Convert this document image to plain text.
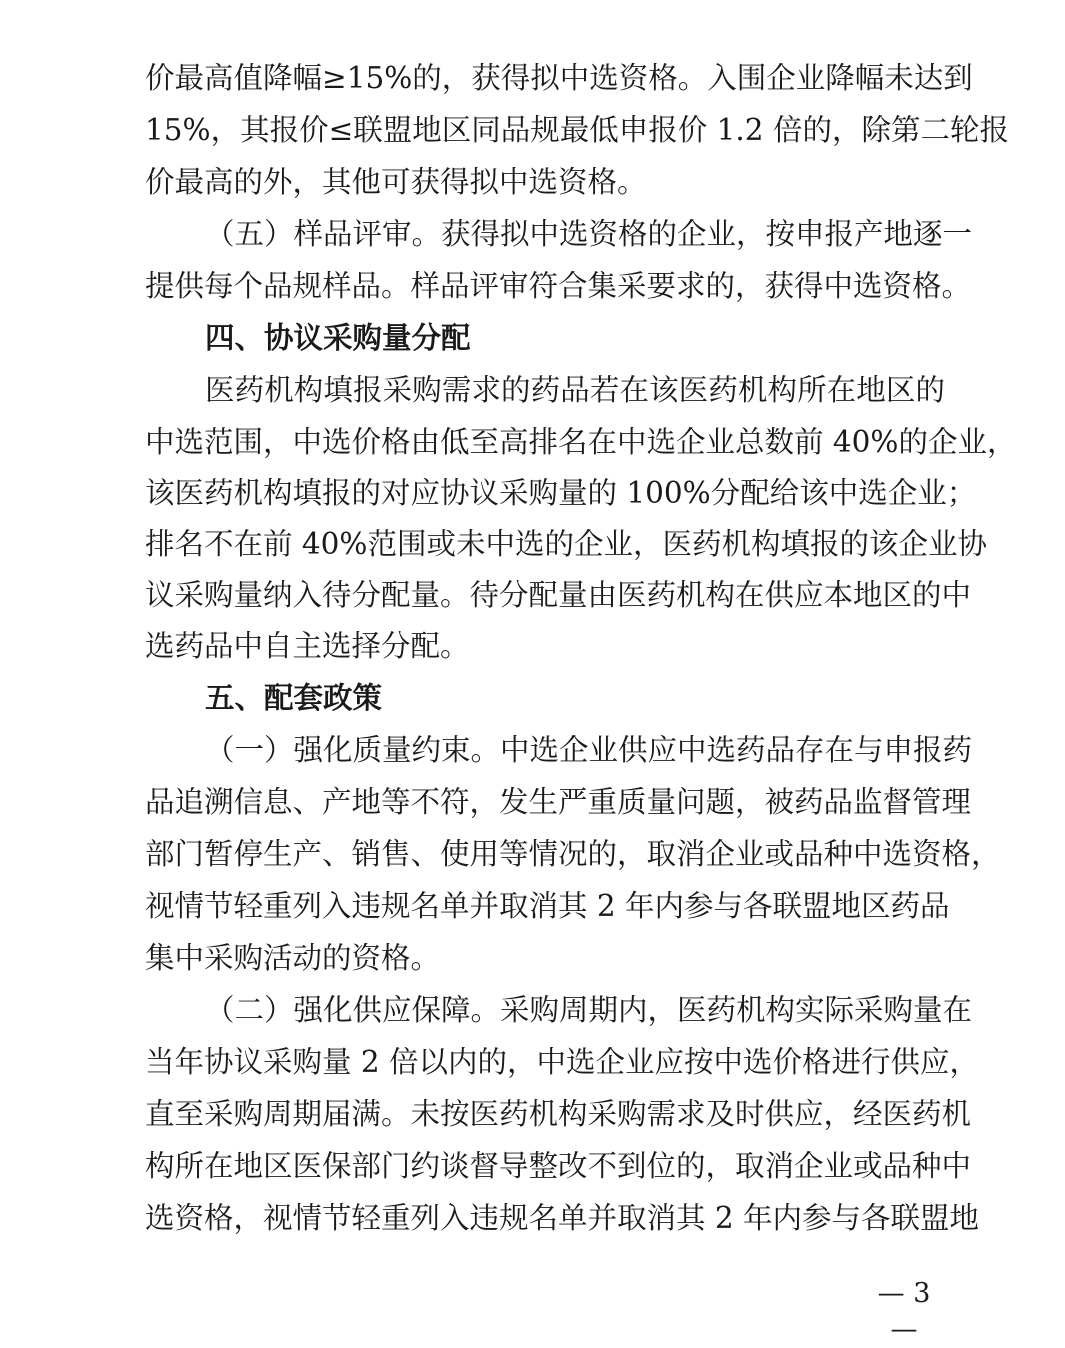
价最高值降幅≥15%的，获得拟中选资格。入围企业降幅未达到
15%，其报价≤联盟地区同品规最低申报价 1.2 倍的，除第二轮报
价最高的外，其他可获得拟中选资格。
（五）样品评审。获得拟中选资格的企业，按申报产地逐一
提供每个品规样品。样品评审符合集采要求的，获得中选资格。
四、协议采购量分配
医药机构填报采购需求的药品若在该医药机构所在地区的
中选范围，中选价格由低至高排名在中选企业总数前 40%的企业，
该医药机构填报的对应协议采购量的 100%分配给该中选企业；
排名不在前 40%范围或未中选的企业，医药机构填报的该企业协
议采购量纳入待分配量。待分配量由医药机构在供应本地区的中
选药品中自主选择分配。
五、配套政策
（一）强化质量约束。中选企业供应中选药品存在与申报药
品追溯信息、产地等不符，发生严重质量问题，被药品监督管理
部门暂停生产、销售、使用等情况的，取消企业或品种中选资格，
视情节轻重列入违规名单并取消其 2 年内参与各联盟地区药品
集中采购活动的资格。
（二）强化供应保障。采购周期内，医药机构实际采购量在
当年协议采购量 2 倍以内的，中选企业应按中选价格进行供应，
直至采购周期届满。未按医药机构采购需求及时供应，经医药机
构所在地区医保部门约谈督导整改不到位的，取消企业或品种中
选资格，视情节轻重列入违规名单并取消其 2 年内参与各联盟地
— 3 —
